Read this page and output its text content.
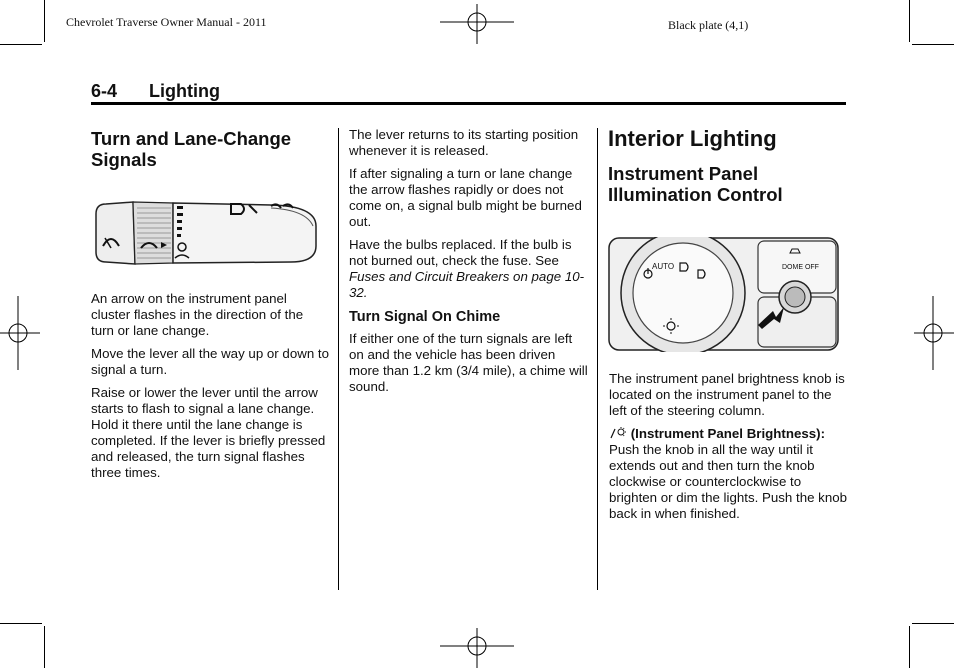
Chevrolet Traverse Owner Manual - 2011	Black plate (4,1)
6-4 Lighting
Turn and Lane-Change Signals

An arrow on the instrument panel cluster flashes in the direction of the turn or lane change.

Move the lever all the way up or down to signal a turn.

Raise or lower the lever until the arrow starts to flash to signal a lane change. Hold it there until the lane change is completed. If the lever is briefly pressed and released, the turn signal flashes three times.

The lever returns to its starting position whenever it is released.

If after signaling a turn or lane change the arrow flashes rapidly or does not come on, a signal bulb might be burned out.

Have the bulbs replaced. If the bulb is not burned out, check the fuse. See Fuses and Circuit Breakers on page 10-32.

Turn Signal On Chime

If either one of the turn signals are left on and the vehicle has been driven more than 1.2 km (3/4 mile), a chime will sound.

Interior Lighting
Instrument Panel Illumination Control
AUTO	DOME OFF

The instrument panel brightness knob is located on the instrument panel to the left of the steering column.

(Instrument Panel Brightness): Push the knob in all the way until it extends out and then turn the knob clockwise or counterclockwise to brighten or dim the lights. Push the knob back in when finished.
